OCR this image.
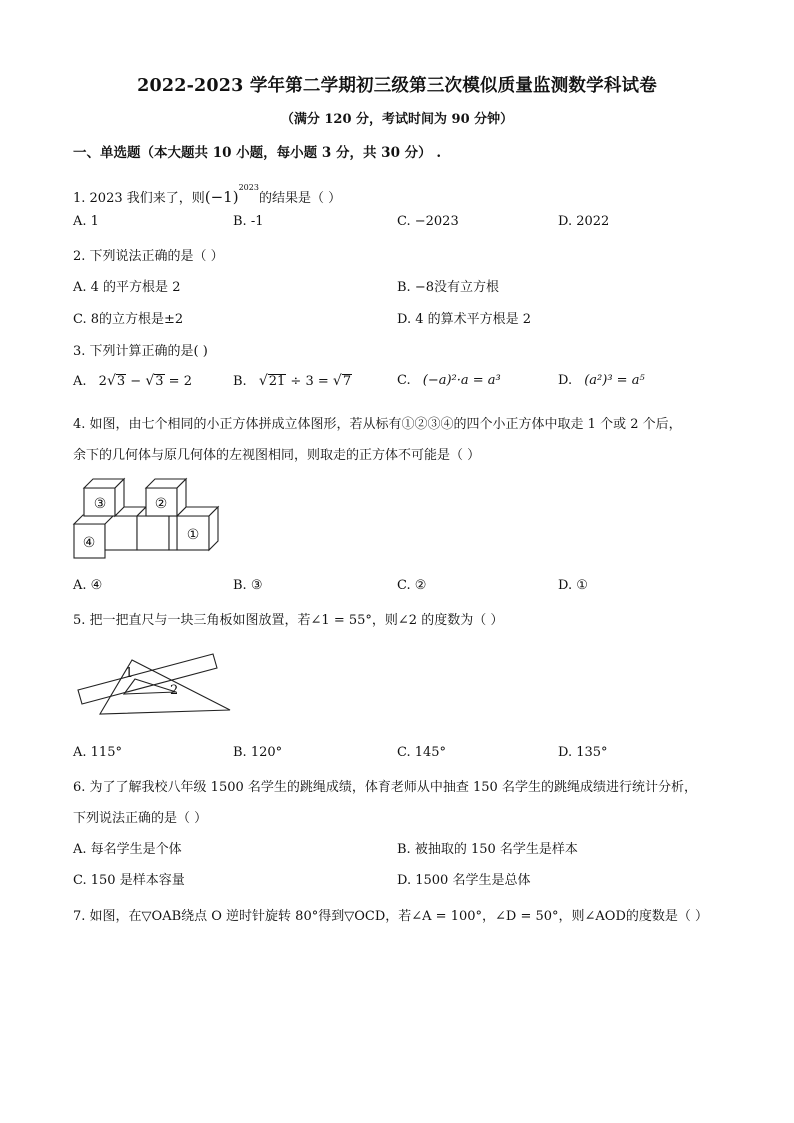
2022-2023 学年第二学期初三级第三次模似质量监测数学科试卷
（满分 120 分，考试时间为 90 分钟）
一、单选题（本大题共 10 小题，每小题 3 分，共 30 分） .
1. 2023 我们来了，则$(-1)^{2023}$的结果是（ ）
A. 1	B. -1	C. −2023	D. 2022
2. 下列说法正确的是（ ）
A. 4 的平方根是 2	B. −8没有立方根
C. 8的立方根是±2	D. 4 的算术平方根是 2
3. 下列计算正确的是( )
A. 2√3 − √3 = 2	B. √21 ÷ 3 = √7	C. (−a)²·a = a³	D. (a²)³ = a⁵
4. 如图，由七个相同的小正方体拼成立体图形，若从标有①②③④的四个小正方体中取走 1 个或 2 个后，
余下的几何体与原几何体的左视图相同，则取走的正方体不可能是（ ）
③	②
④	①
A. ④	B. ③	C. ②	D. ①
5. 把一把直尺与一块三角板如图放置，若∠1 = 55°，则∠2 的度数为（ ）
1
2
A. 115°	B. 120°	C. 145°	D. 135°
6. 为了了解我校八年级 1500 名学生的跳绳成绩，体育老师从中抽查 150 名学生的跳绳成绩进行统计分析，
下列说法正确的是（ ）
A. 每名学生是个体	B. 被抽取的 150 名学生是样本
C. 150 是样本容量	D. 1500 名学生是总体
7. 如图，在▽OAB绕点 O 逆时针旋转 80°得到▽OCD，若∠A = 100°，∠D = 50°，则∠AOD的度数是（ ）
